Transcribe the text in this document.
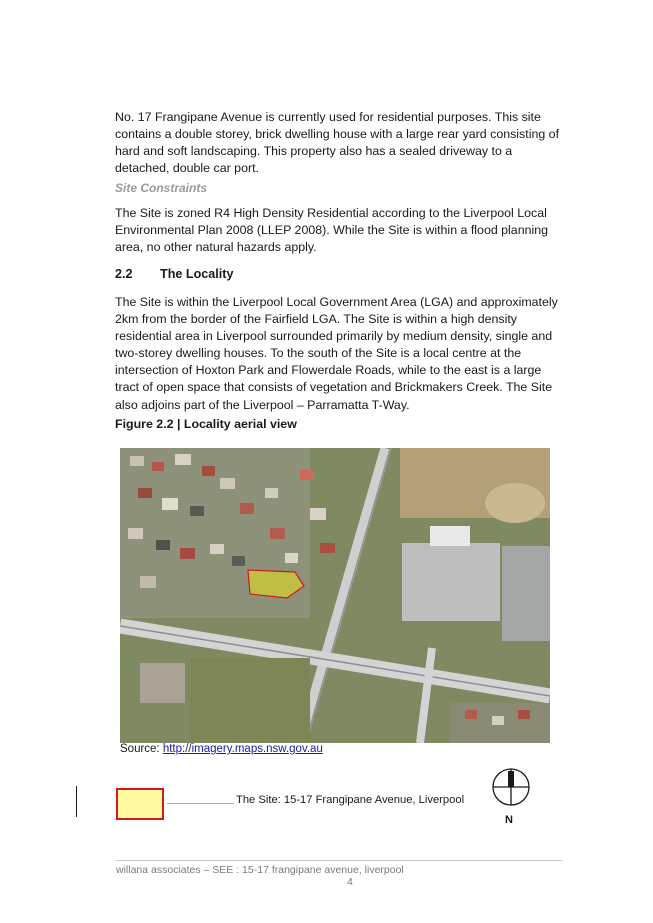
No. 17 Frangipane Avenue is currently used for residential purposes. This site contains a double storey, brick dwelling house with a large rear yard consisting of hard and soft landscaping. This property also has a sealed driveway to a detached, double car port.

Site Constraints

The Site is zoned R4 High Density Residential according to the Liverpool Local Environmental Plan 2008 (LLEP 2008). While the Site is within a flood planning area, no other natural hazards apply.

2.2 The Locality

The Site is within the Liverpool Local Government Area (LGA) and approximately 2km from the border of the Fairfield LGA. The Site is within a high density residential area in Liverpool surrounded primarily by medium density, single and two-storey dwelling houses. To the south of the Site is a local centre at the intersection of Hoxton Park and Flowerdale Roads, while to the east is a large tract of open space that consists of vegetation and Brickmakers Creek. The Site also adjoins part of the Liverpool – Parramatta T-Way.

Figure 2.2 | Locality aerial view
Source: http://imagery.maps.nsw.gov.au
The Site: 15-17 Frangipane Avenue, Liverpool
N
willana associates – SEE : 15-17 frangipane avenue, liverpool
4
